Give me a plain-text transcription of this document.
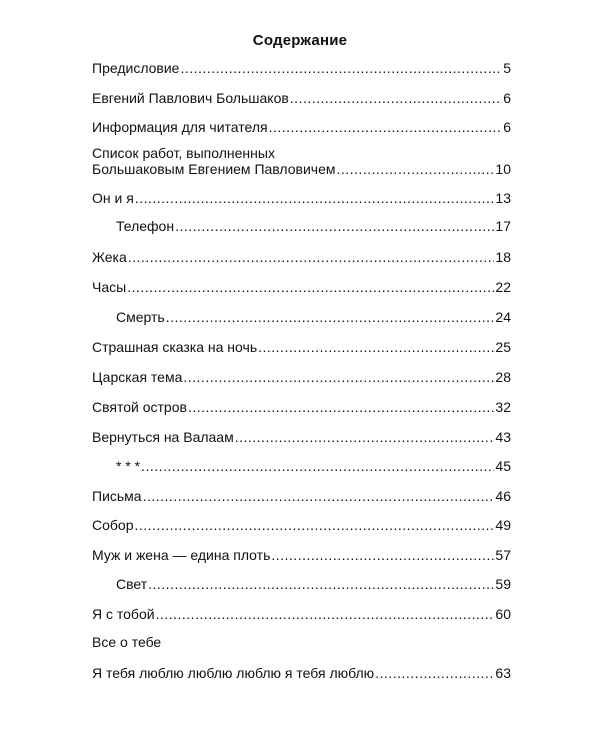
Содержание
Предисловие .....	5
Евгений Павлович Большаков .....	6
Информация для читателя .....	6
Список работ, выполненных
Большаковым Евгением Павловичем .....	10
Он и я .....	13
Телефон .....	17
Жека .....	18
Часы .....	22
Смерть .....	24
Страшная сказка на ночь .....	25
Царская тема .....	28
Святой остров .....	32
Вернуться на Валаам .....	43
* * * .....	45
Письма .....	46
Собор .....	49
Муж и жена — едина плоть .....	57
Свет .....	59
Я с тобой .....	60
Все о тебе
Я тебя люблю люблю люблю я тебя люблю .....	63
